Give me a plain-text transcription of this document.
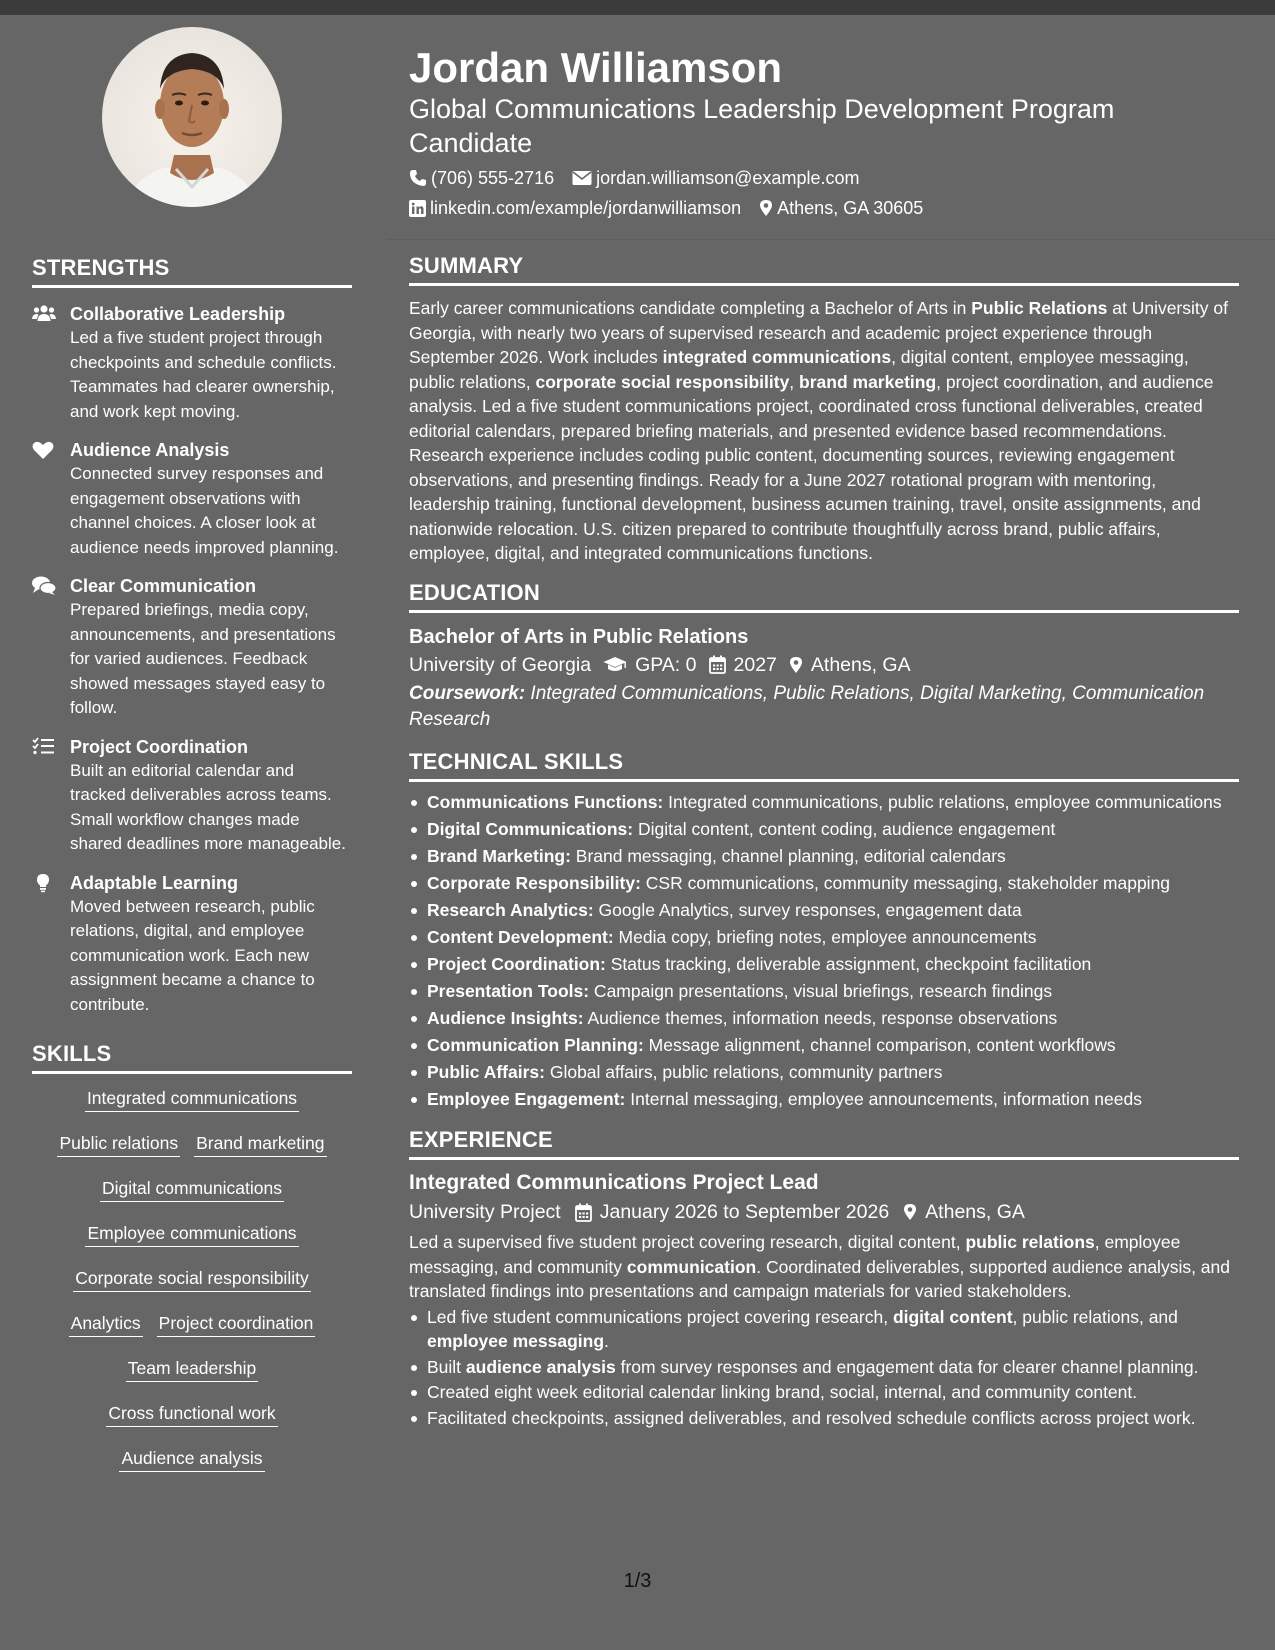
STRENGTHS
Collaborative Leadership
Led a five student project through checkpoints and schedule conflicts. Teammates had clearer ownership, and work kept moving.
Audience Analysis
Connected survey responses and engagement observations with channel choices. A closer look at audience needs improved planning.
Clear Communication
Prepared briefings, media copy, announcements, and presentations for varied audiences. Feedback showed messages stayed easy to follow.
Project Coordination
Built an editorial calendar and tracked deliverables across teams. Small workflow changes made shared deadlines more manageable.
Adaptable Learning
Moved between research, public relations, digital, and employee communication work. Each new assignment became a chance to contribute.
SKILLS
Integrated communications
Public relations Brand marketing
Digital communications
Employee communications
Corporate social responsibility
Analytics Project coordination
Team leadership
Cross functional work
Audience analysis
Jordan Williamson
Global Communications Leadership Development Program Candidate
(706) 555-2716 jordan.williamson@example.com
linkedin.com/example/jordanwilliamson Athens, GA 30605
SUMMARY
Early career communications candidate completing a Bachelor of Arts in Public Relations at University of Georgia, with nearly two years of supervised research and academic project experience through September 2026. Work includes integrated communications, digital content, employee messaging, public relations, corporate social responsibility, brand marketing, project coordination, and audience analysis. Led a five student communications project, coordinated cross functional deliverables, created editorial calendars, prepared briefing materials, and presented evidence based recommendations. Research experience includes coding public content, documenting sources, reviewing engagement observations, and presenting findings. Ready for a June 2027 rotational program with mentoring, leadership training, functional development, business acumen training, travel, onsite assignments, and nationwide relocation. U.S. citizen prepared to contribute thoughtfully across brand, public affairs, employee, digital, and integrated communications functions.
EDUCATION
Bachelor of Arts in Public Relations
University of Georgia GPA: 0 2027 Athens, GA
Coursework: Integrated Communications, Public Relations, Digital Marketing, Communication Research
TECHNICAL SKILLS
Communications Functions: Integrated communications, public relations, employee communications
Digital Communications: Digital content, content coding, audience engagement
Brand Marketing: Brand messaging, channel planning, editorial calendars
Corporate Responsibility: CSR communications, community messaging, stakeholder mapping
Research Analytics: Google Analytics, survey responses, engagement data
Content Development: Media copy, briefing notes, employee announcements
Project Coordination: Status tracking, deliverable assignment, checkpoint facilitation
Presentation Tools: Campaign presentations, visual briefings, research findings
Audience Insights: Audience themes, information needs, response observations
Communication Planning: Message alignment, channel comparison, content workflows
Public Affairs: Global affairs, public relations, community partners
Employee Engagement: Internal messaging, employee announcements, information needs
EXPERIENCE
Integrated Communications Project Lead
University Project January 2026 to September 2026 Athens, GA
Led a supervised five student project covering research, digital content, public relations, employee messaging, and community communication. Coordinated deliverables, supported audience analysis, and translated findings into presentations and campaign materials for varied stakeholders.
Led five student communications project covering research, digital content, public relations, and employee messaging.
Built audience analysis from survey responses and engagement data for clearer channel planning.
Created eight week editorial calendar linking brand, social, internal, and community content.
Facilitated checkpoints, assigned deliverables, and resolved schedule conflicts across project work.
1/3
